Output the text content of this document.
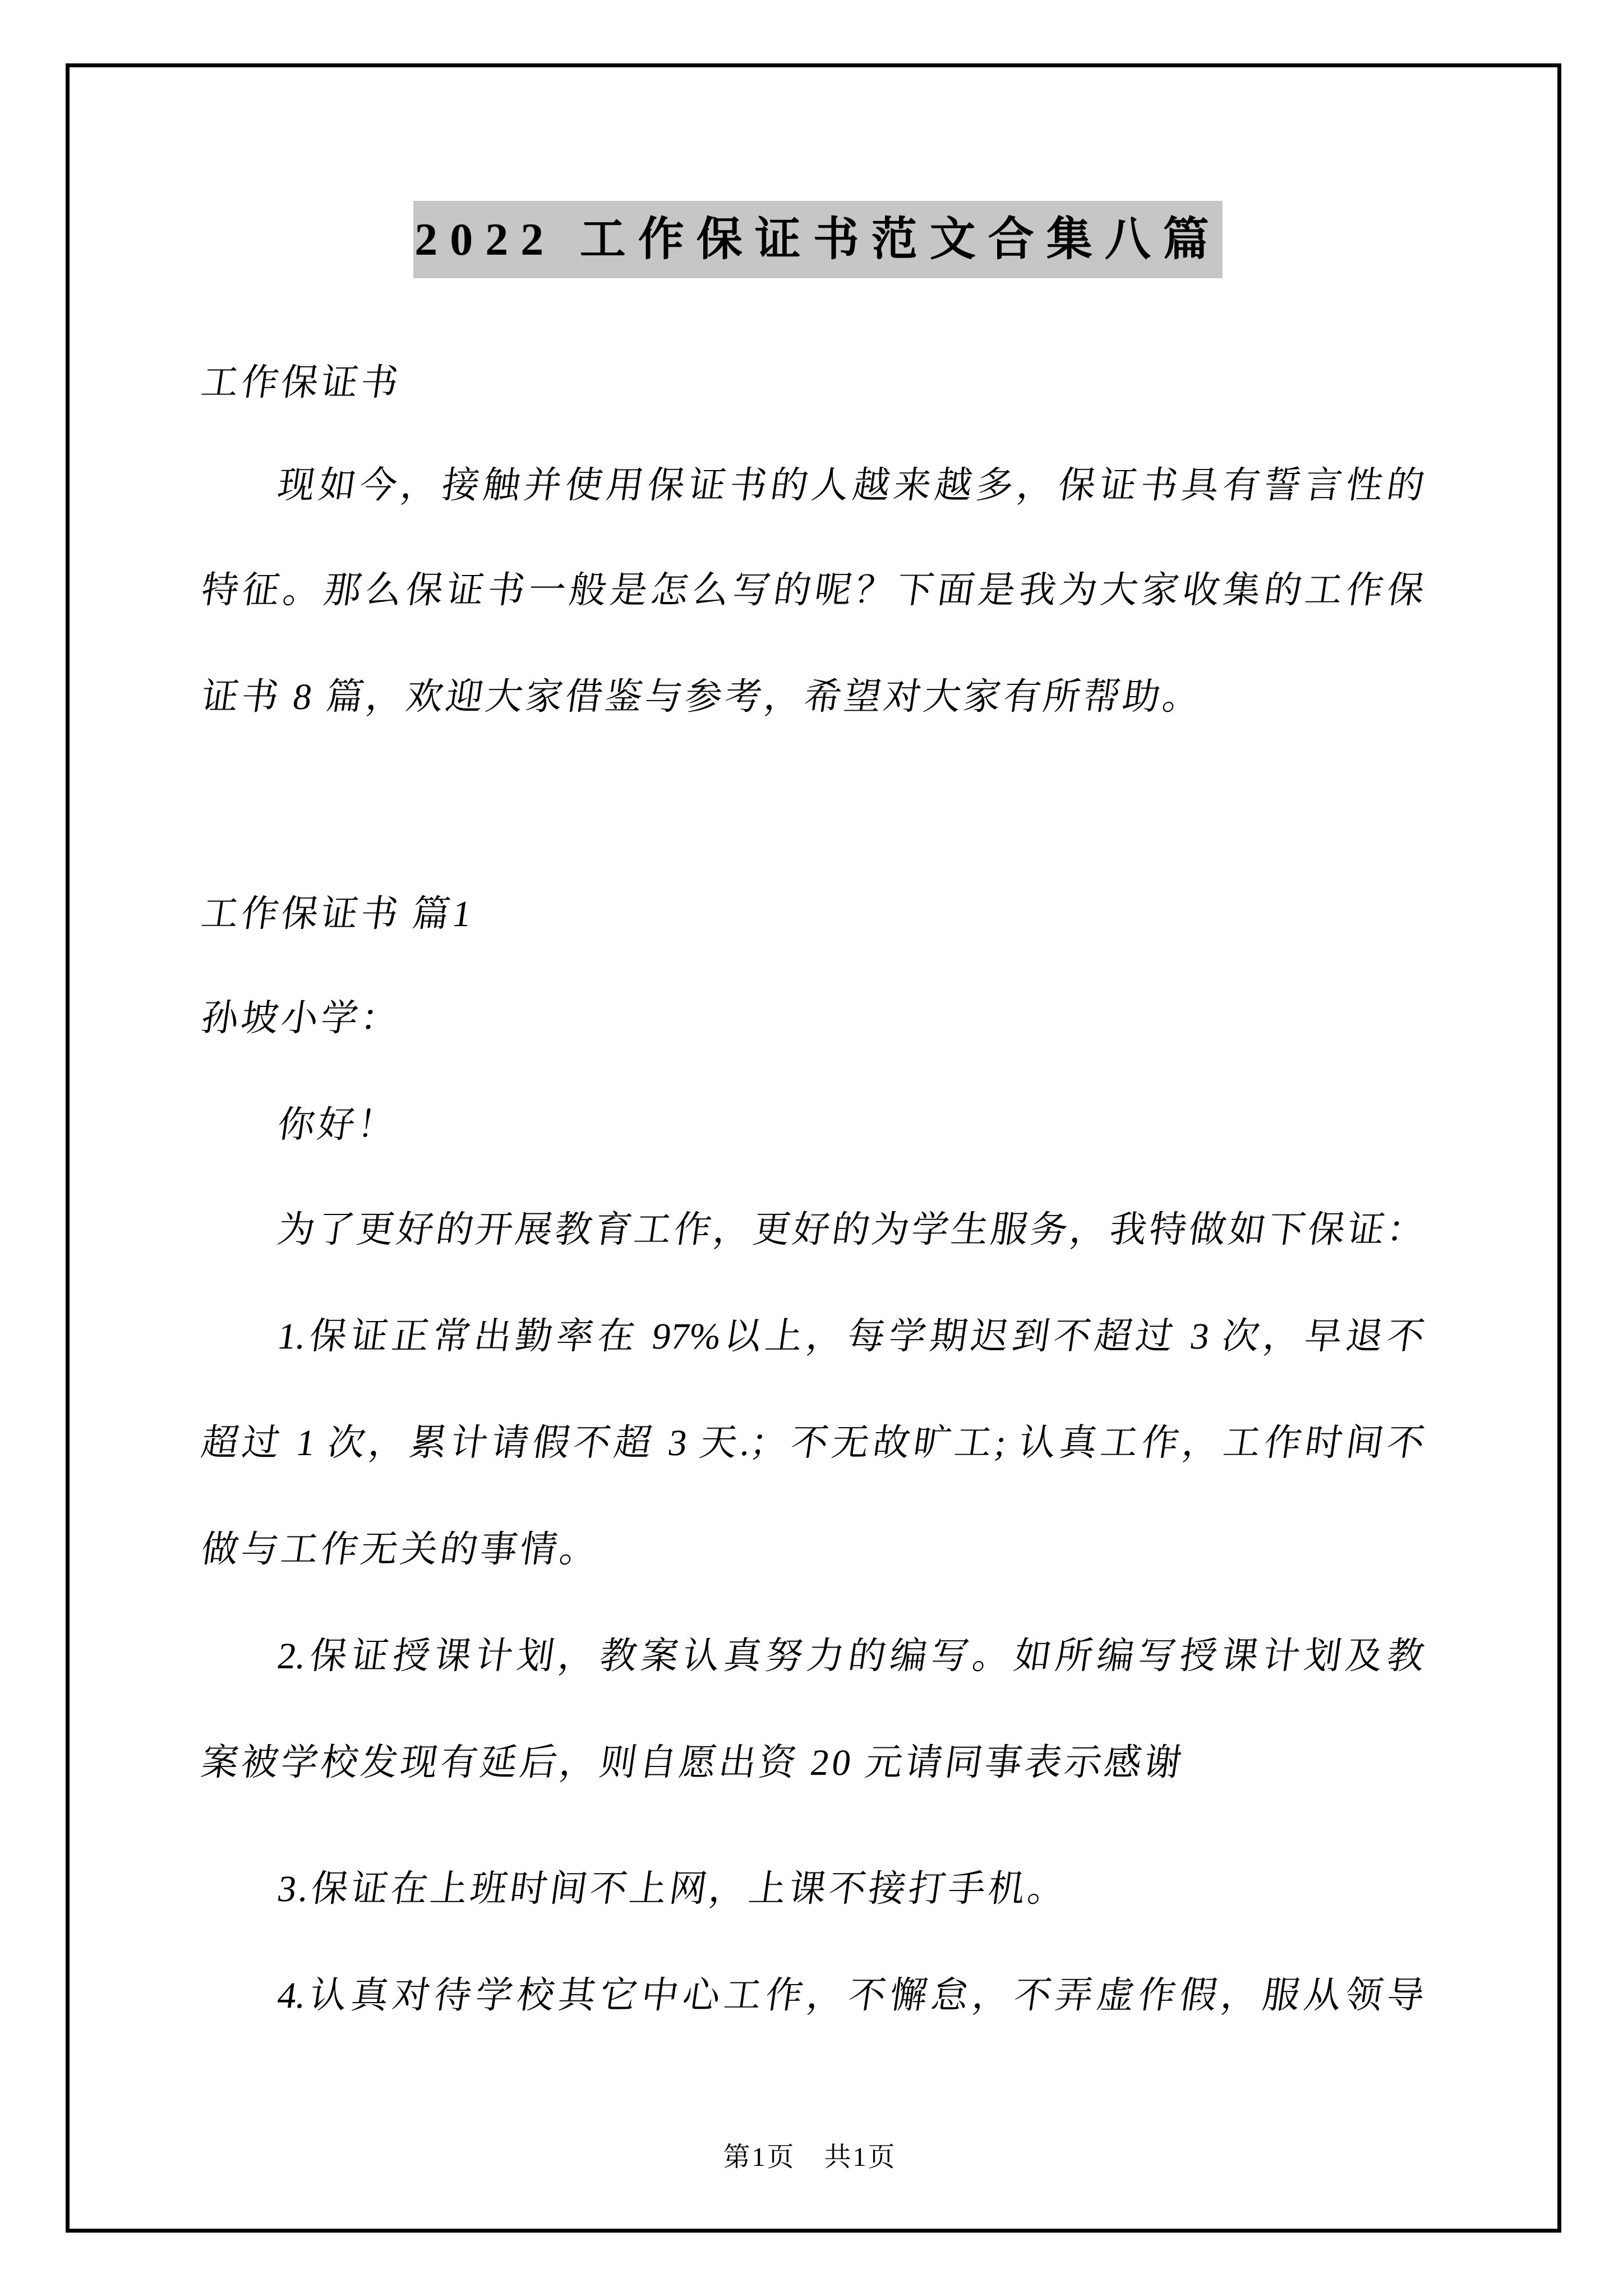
2022 工作保证书范文合集八篇
工作保证书
现如今，接触并使用保证书的人越来越多，保证书具有誓言性的
特征。那么保证书一般是怎么写的呢？下面是我为大家收集的工作保
证书 8 篇，欢迎大家借鉴与参考，希望对大家有所帮助。
工作保证书 篇1
孙坡小学：
你好！
为了更好的开展教育工作，更好的为学生服务，我特做如下保证：
1.保证正常出勤率在 97%以上，每学期迟到不超过 3 次，早退不
超过 1 次，累计请假不超 3 天.；不无故旷工; 认真工作，工作时间不
做与工作无关的事情。
2.保证授课计划，教案认真努力的编写。如所编写授课计划及教
案被学校发现有延后，则自愿出资 20 元请同事表示感谢
3.保证在上班时间不上网，上课不接打手机。
4.认真对待学校其它中心工作，不懈怠，不弄虚作假，服从领导
第1页　共1页
